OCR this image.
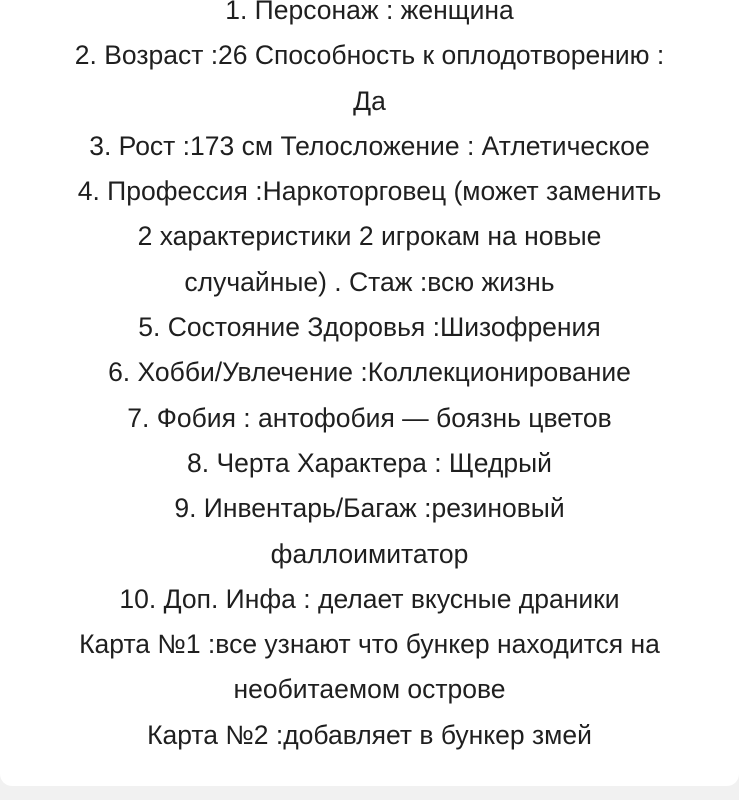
1. Персонаж : женщина
2. Возраст :26 Способность к оплодотворению :
Да
3. Рост :173 см Телосложение : Атлетическое
4. Профессия :Наркоторговец (может заменить
2 характеристики 2 игрокам на новые
случайные) . Стаж :всю жизнь
5. Состояние Здоровья :Шизофрения
6. Хобби/Увлечение :Коллекционирование
7. Фобия : антофобия — боязнь цветов
8. Черта Характера : Щедрый
9. Инвентарь/Багаж :резиновый
фаллоимитатор
10. Доп. Инфа : делает вкусные драники
Карта №1 :все узнают что бункер находится на
необитаемом острове
Карта №2 :добавляет в бункер змей
